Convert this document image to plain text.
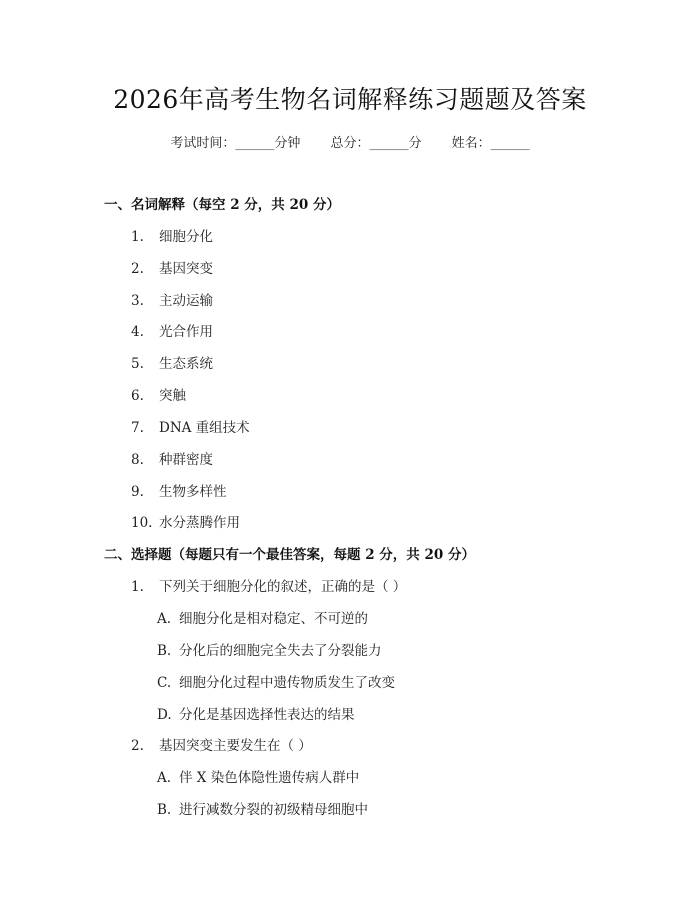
2026年高考生物名词解释练习题题及答案
考试时间：______分钟 总分：______分 姓名：______
一、名词解释（每空 2 分，共 20 分）
1. 细胞分化
2. 基因突变
3. 主动运输
4. 光合作用
5. 生态系统
6. 突触
7. DNA 重组技术
8. 种群密度
9. 生物多样性
10. 水分蒸腾作用
二、选择题（每题只有一个最佳答案，每题 2 分，共 20 分）
1. 下列关于细胞分化的叙述，正确的是（ ）
A. 细胞分化是相对稳定、不可逆的
B. 分化后的细胞完全失去了分裂能力
C. 细胞分化过程中遗传物质发生了改变
D. 分化是基因选择性表达的结果
2. 基因突变主要发生在（ ）
A. 伴 X 染色体隐性遗传病人群中
B. 进行减数分裂的初级精母细胞中
